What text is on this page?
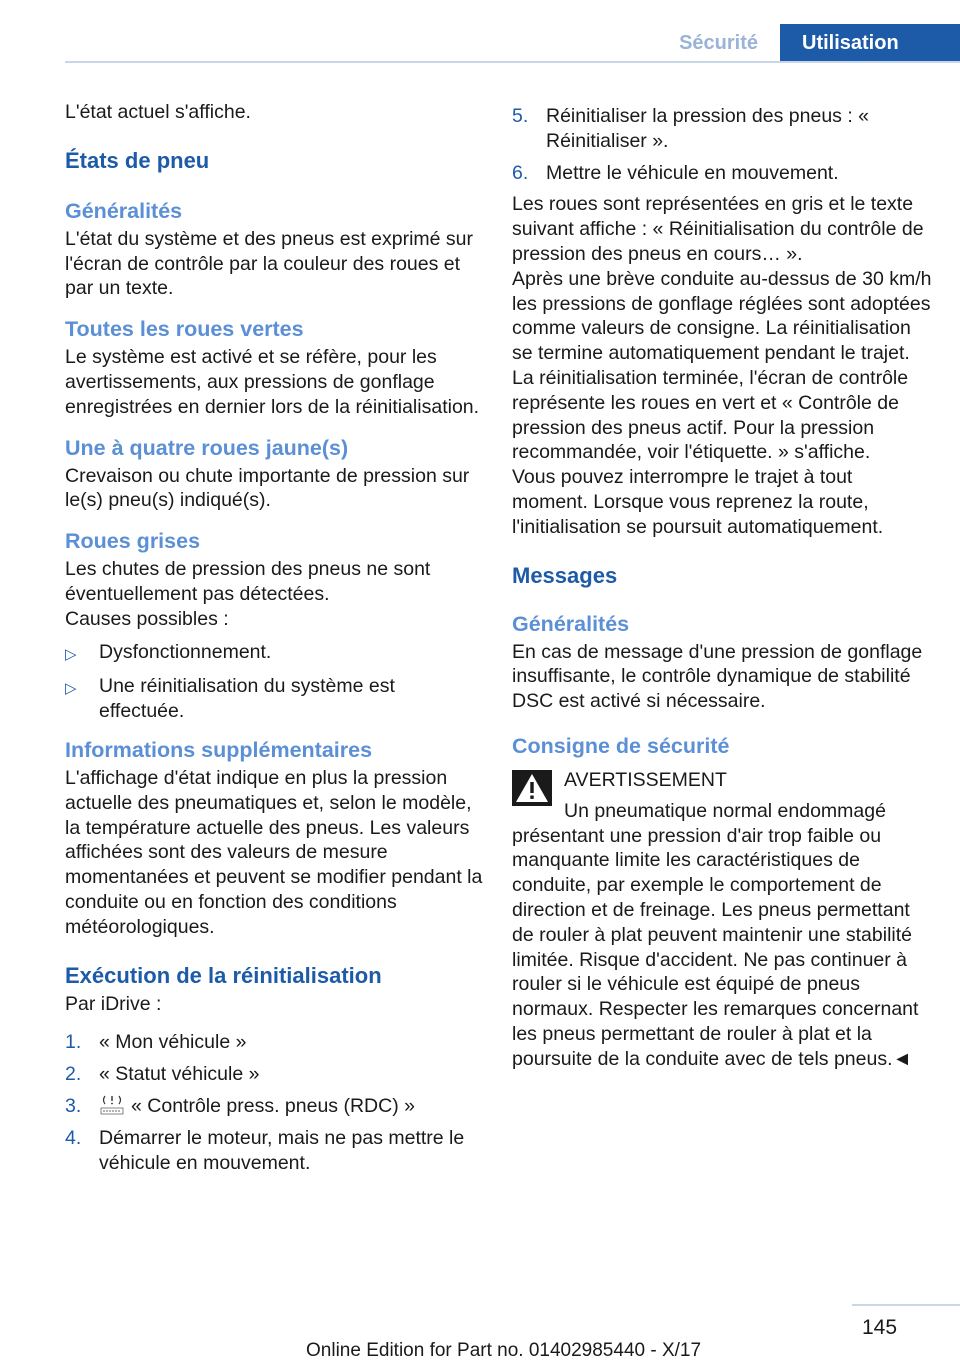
Sécurité	Utilisation

L'état actuel s'affiche.

États de pneu
Généralités

L'état du système et des pneus est exprimé sur l'écran de contrôle par la couleur des roues et par un texte.

Toutes les roues vertes

Le système est activé et se réfère, pour les avertissements, aux pressions de gonflage enregistrées en dernier lors de la réinitialisation.

Une à quatre roues jaune(s)

Crevaison ou chute importante de pression sur le(s) pneu(s) indiqué(s).

Roues grises

Les chutes de pression des pneus ne sont éventuellement pas détectées.

Causes possibles :

▷	Dysfonctionnement.
▷	Une réinitialisation du système est effectuée.
Informations supplémentaires

L'affichage d'état indique en plus la pression actuelle des pneumatiques et, selon le modèle, la température actuelle des pneus. Les valeurs affichées sont des valeurs de mesure momentanées et peuvent se modifier pendant la conduite ou en fonction des conditions météorologiques.

Exécution de la réinitialisation

Par iDrive :

1. « Mon véhicule »
2. « Statut véhicule »
3.	« Contrôle press. pneus (RDC) »
4. Démarrer le moteur, mais ne pas mettre le véhicule en mouvement.
5. Réinitialiser la pression des pneus : « Réinitialiser ».
6. Mettre le véhicule en mouvement.

Les roues sont représentées en gris et le texte suivant affiche : « Réinitialisation du contrôle de pression des pneus en cours… ».

Après une brève conduite au-dessus de 30 km/h les pressions de gonflage réglées sont adoptées comme valeurs de consigne. La réinitialisation se termine automatiquement pendant le trajet.

La réinitialisation terminée, l'écran de contrôle représente les roues en vert et « Contrôle de pression des pneus actif. Pour la pression recommandée, voir l'étiquette. » s'affiche.

Vous pouvez interrompre le trajet à tout moment. Lorsque vous reprenez la route, l'initialisation se poursuit automatiquement.

Messages
Généralités

En cas de message d'une pression de gonflage insuffisante, le contrôle dynamique de stabilité DSC est activé si nécessaire.

Consigne de sécurité
AVERTISSEMENT

Un pneumatique normal endommagé

présentant une pression d'air trop faible ou manquante limite les caractéristiques de conduite, par exemple le comportement de direction et de freinage. Les pneus permettant de rouler à plat peuvent maintenir une stabilité limitée. Risque d'accident. Ne pas continuer à rouler si le véhicule est équipé de pneus normaux. Respecter les remarques concernant les pneus permettant de rouler à plat et la poursuite de la conduite avec de tels pneus.◄

145
Online Edition for Part no. 01402985440 - X/17
